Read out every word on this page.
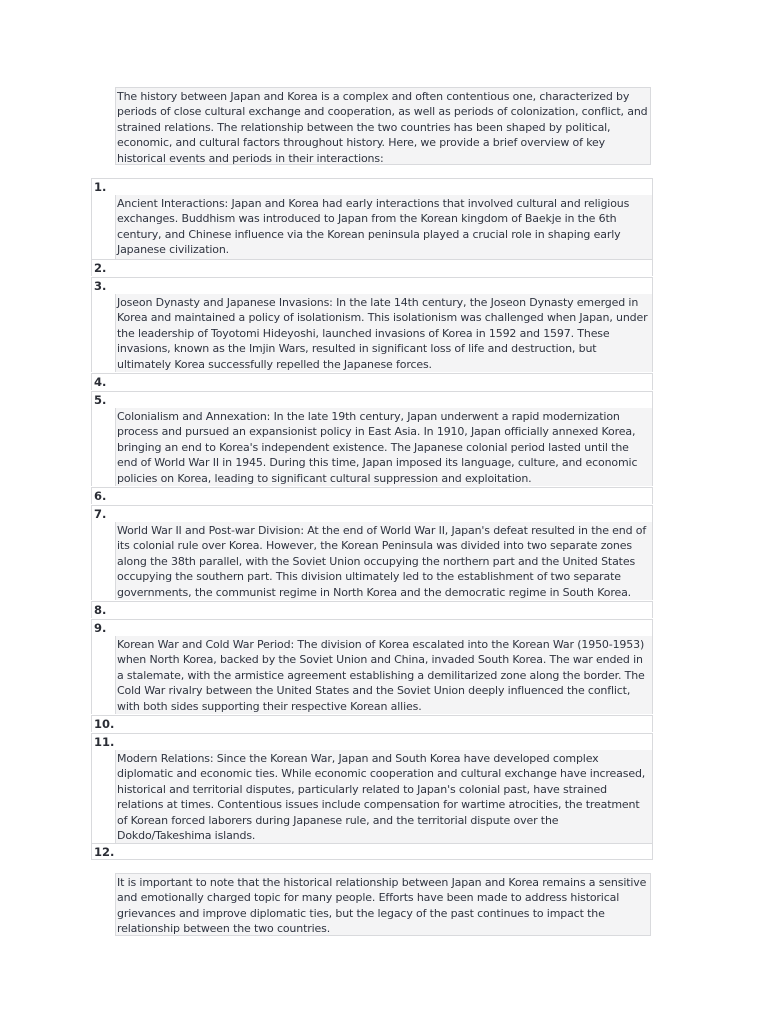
The history between Japan and Korea is a complex and often contentious one, characterized by periods of close cultural exchange and cooperation, as well as periods of colonization, conflict, and strained relations. The relationship between the two countries has been shaped by political, economic, and cultural factors throughout history. Here, we provide a brief overview of key historical events and periods in their interactions:
1.
Ancient Interactions: Japan and Korea had early interactions that involved cultural and religious exchanges. Buddhism was introduced to Japan from the Korean kingdom of Baekje in the 6th century, and Chinese influence via the Korean peninsula played a crucial role in shaping early Japanese civilization.
2.
3.
Joseon Dynasty and Japanese Invasions: In the late 14th century, the Joseon Dynasty emerged in Korea and maintained a policy of isolationism. This isolationism was challenged when Japan, under the leadership of Toyotomi Hideyoshi, launched invasions of Korea in 1592 and 1597. These invasions, known as the Imjin Wars, resulted in significant loss of life and destruction, but ultimately Korea successfully repelled the Japanese forces.
4.
5.
Colonialism and Annexation: In the late 19th century, Japan underwent a rapid modernization process and pursued an expansionist policy in East Asia. In 1910, Japan officially annexed Korea, bringing an end to Korea's independent existence. The Japanese colonial period lasted until the end of World War II in 1945. During this time, Japan imposed its language, culture, and economic policies on Korea, leading to significant cultural suppression and exploitation.
6.
7.
World War II and Post-war Division: At the end of World War II, Japan's defeat resulted in the end of its colonial rule over Korea. However, the Korean Peninsula was divided into two separate zones along the 38th parallel, with the Soviet Union occupying the northern part and the United States occupying the southern part. This division ultimately led to the establishment of two separate governments, the communist regime in North Korea and the democratic regime in South Korea.
8.
9.
Korean War and Cold War Period: The division of Korea escalated into the Korean War (1950-1953) when North Korea, backed by the Soviet Union and China, invaded South Korea. The war ended in a stalemate, with the armistice agreement establishing a demilitarized zone along the border. The Cold War rivalry between the United States and the Soviet Union deeply influenced the conflict, with both sides supporting their respective Korean allies.
10.
11.
Modern Relations: Since the Korean War, Japan and South Korea have developed complex diplomatic and economic ties. While economic cooperation and cultural exchange have increased, historical and territorial disputes, particularly related to Japan's colonial past, have strained relations at times. Contentious issues include compensation for wartime atrocities, the treatment of Korean forced laborers during Japanese rule, and the territorial dispute over the Dokdo/Takeshima islands.
12.
It is important to note that the historical relationship between Japan and Korea remains a sensitive and emotionally charged topic for many people. Efforts have been made to address historical grievances and improve diplomatic ties, but the legacy of the past continues to impact the relationship between the two countries.
